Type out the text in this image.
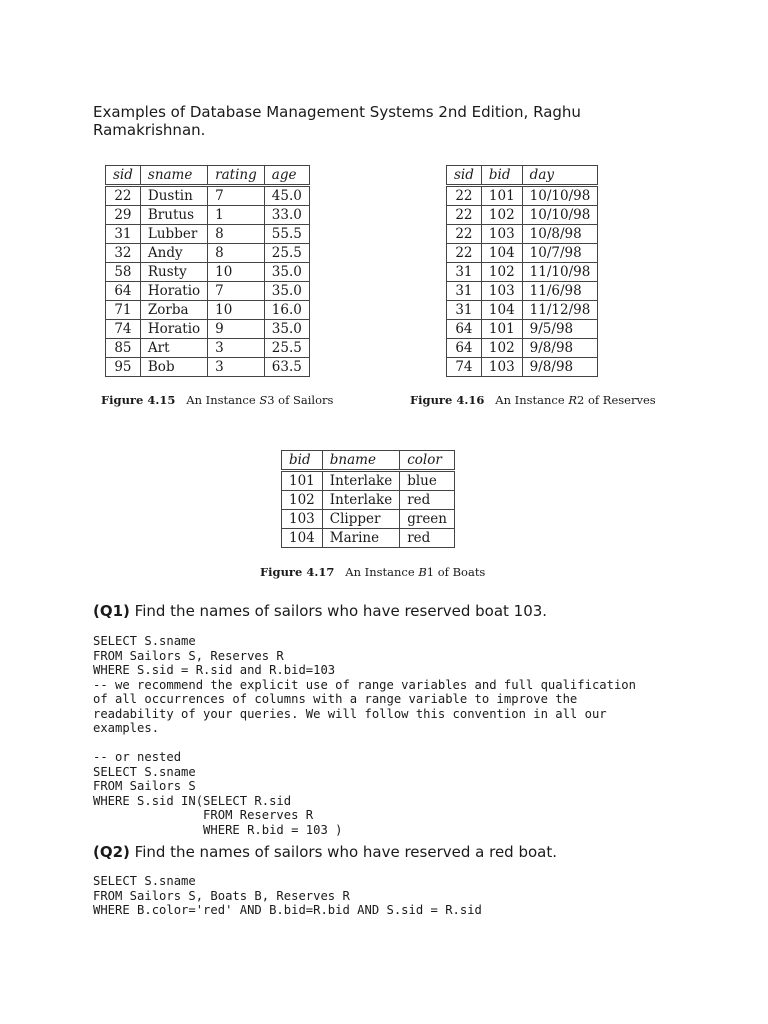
Examples of Database Management Systems 2nd Edition, Raghu Ramakrishnan.
sid	sname	rating	age
22	Dustin	7	45.0
29	Brutus	1	33.0
31	Lubber	8	55.5
32	Andy	8	25.5
58	Rusty	10	35.0
64	Horatio	7	35.0
71	Zorba	10	16.0
74	Horatio	9	35.0
85	Art	3	25.5
95	Bob	3	63.5
Figure 4.15 An Instance S3 of Sailors
sid	bid	day
22	101	10/10/98
22	102	10/10/98
22	103	10/8/98
22	104	10/7/98
31	102	11/10/98
31	103	11/6/98
31	104	11/12/98
64	101	9/5/98
64	102	9/8/98
74	103	9/8/98
Figure 4.16 An Instance R2 of Reserves
bid	bname	color
101	Interlake	blue
102	Interlake	red
103	Clipper	green
104	Marine	red
Figure 4.17 An Instance B1 of Boats
(Q1) Find the names of sailors who have reserved boat 103.
SELECT S.sname
FROM Sailors S, Reserves R
WHERE S.sid = R.sid and R.bid=103
-- we recommend the explicit use of range variables and full qualification
of all occurrences of columns with a range variable to improve the
readability of your queries. We will follow this convention in all our
examples.

-- or nested
SELECT S.sname
FROM Sailors S
WHERE S.sid IN(SELECT R.sid
FROM Reserves R
WHERE R.bid = 103 )
(Q2) Find the names of sailors who have reserved a red boat.
SELECT S.sname
FROM Sailors S, Boats B, Reserves R
WHERE B.color='red' AND B.bid=R.bid AND S.sid = R.sid
